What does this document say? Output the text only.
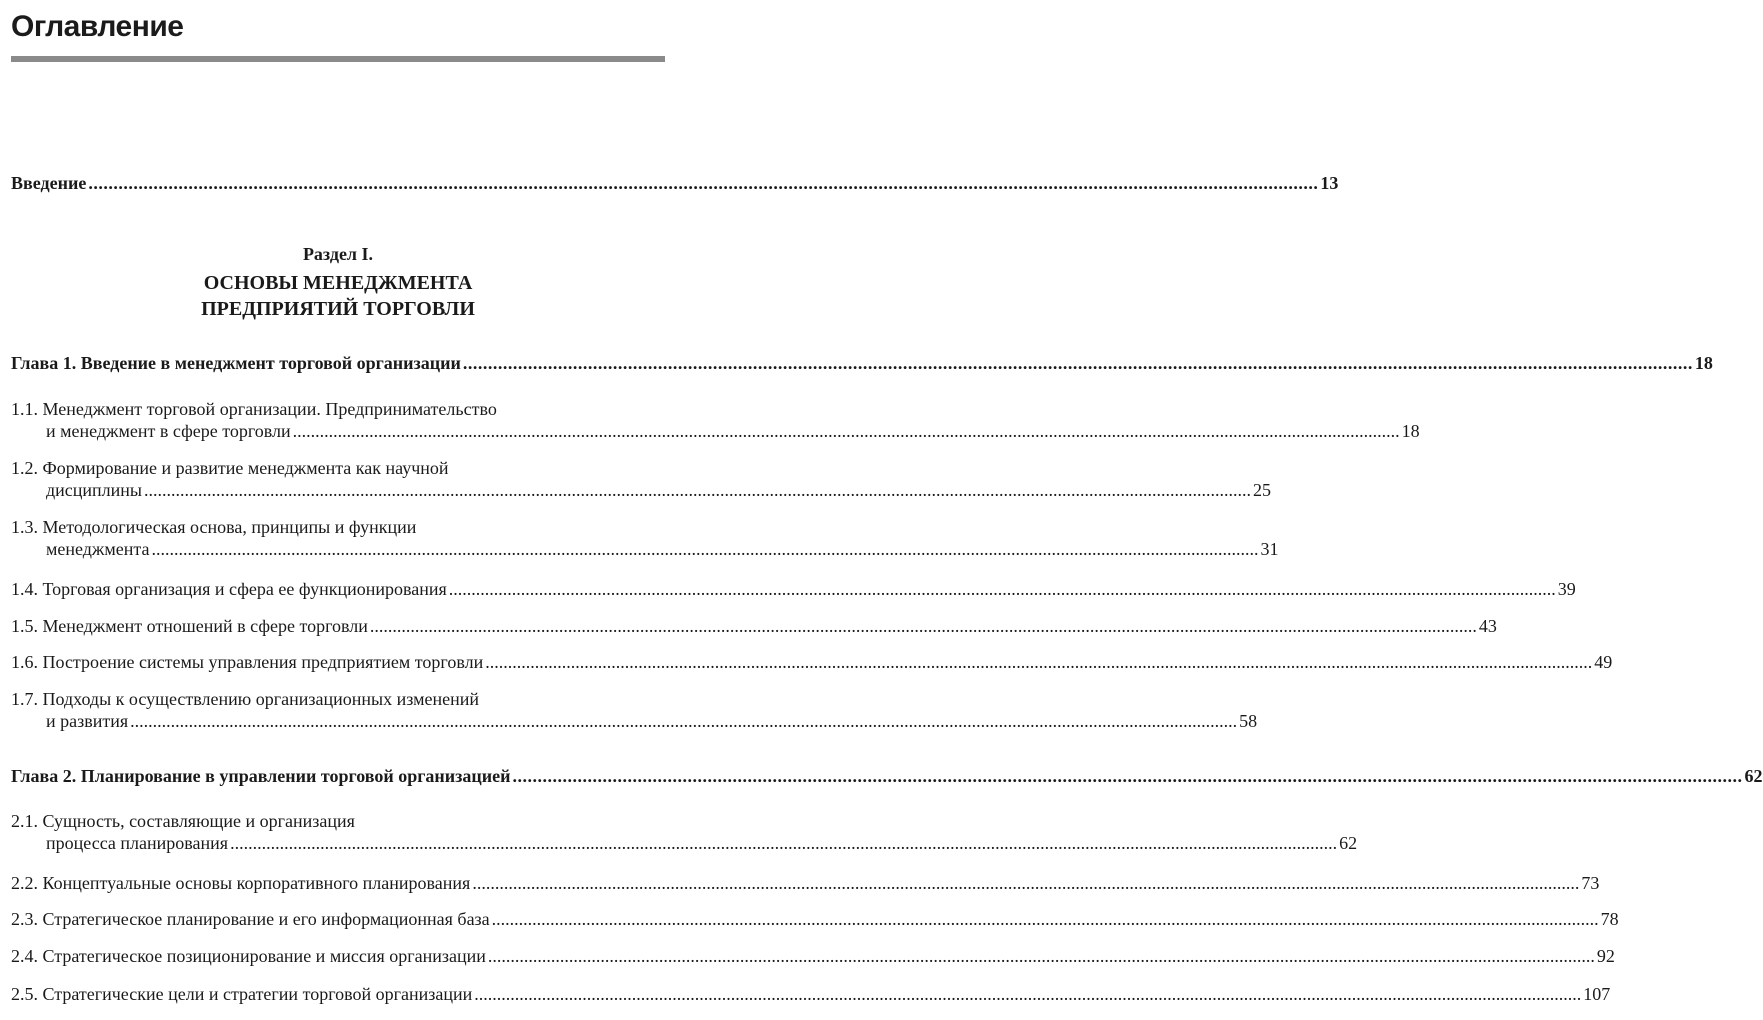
Оглавление
Введение .....	13
Раздел I.
ОСНОВЫ МЕНЕДЖМЕНТА
ПРЕДПРИЯТИЙ ТОРГОВЛИ
Глава 1. Введение в менеджмент торговой организации .....	18
1.1. Менеджмент торговой организации. Предпринимательство
и менеджмент в сфере торговли .....	18
1.2. Формирование и развитие менеджмента как научной
дисциплины .....	25
1.3. Методологическая основа, принципы и функции
менеджмента .....	31
1.4. Торговая организация и сфера ее функционирования .....	39
1.5. Менеджмент отношений в сфере торговли .....	43
1.6. Построение системы управления предприятием торговли .....	49
1.7. Подходы к осуществлению организационных изменений
и развития .....	58
Глава 2. Планирование в управлении торговой организацией .....	62
2.1. Сущность, составляющие и организация
процесса планирования .....	62
2.2. Концептуальные основы корпоративного планирования .....	73
2.3. Стратегическое планирование и его информационная база .....	78
2.4. Стратегическое позиционирование и миссия организации .....	92
2.5. Стратегические цели и стратегии торговой организации .....	107
